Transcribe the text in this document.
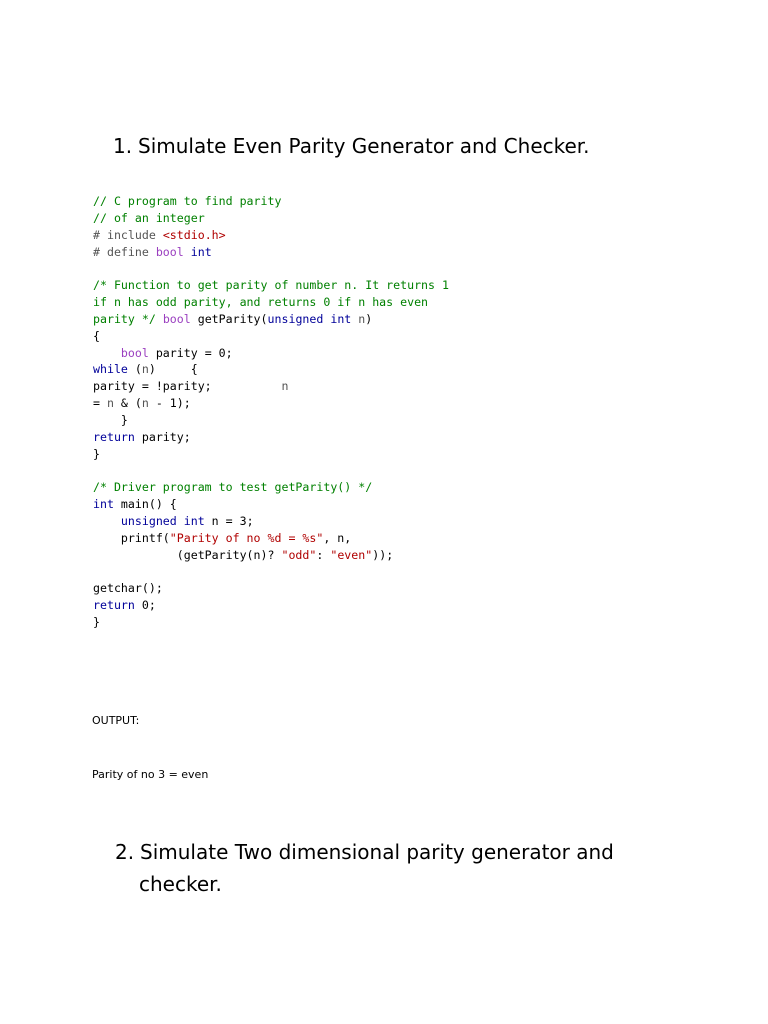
1. Simulate Even Parity Generator and Checker.
// C program to find parity
// of an integer
# include <stdio.h>
# define bool int
/* Function to get parity of number n. It returns 1
if n has odd parity, and returns 0 if n has even
parity */ bool getParity(unsigned int n)
{
bool parity = 0;
while (n)     {
parity = !parity;          n
= n & (n - 1);
}
return parity;
}
/* Driver program to test getParity() */
int main() {
unsigned int n = 3;
printf("Parity of no %d = %s", n,
(getParity(n)? "odd": "even"));
getchar();
return 0;
}

OUTPUT:

Parity of no 3 = even

2. Simulate Two dimensional parity generator and
checker.
